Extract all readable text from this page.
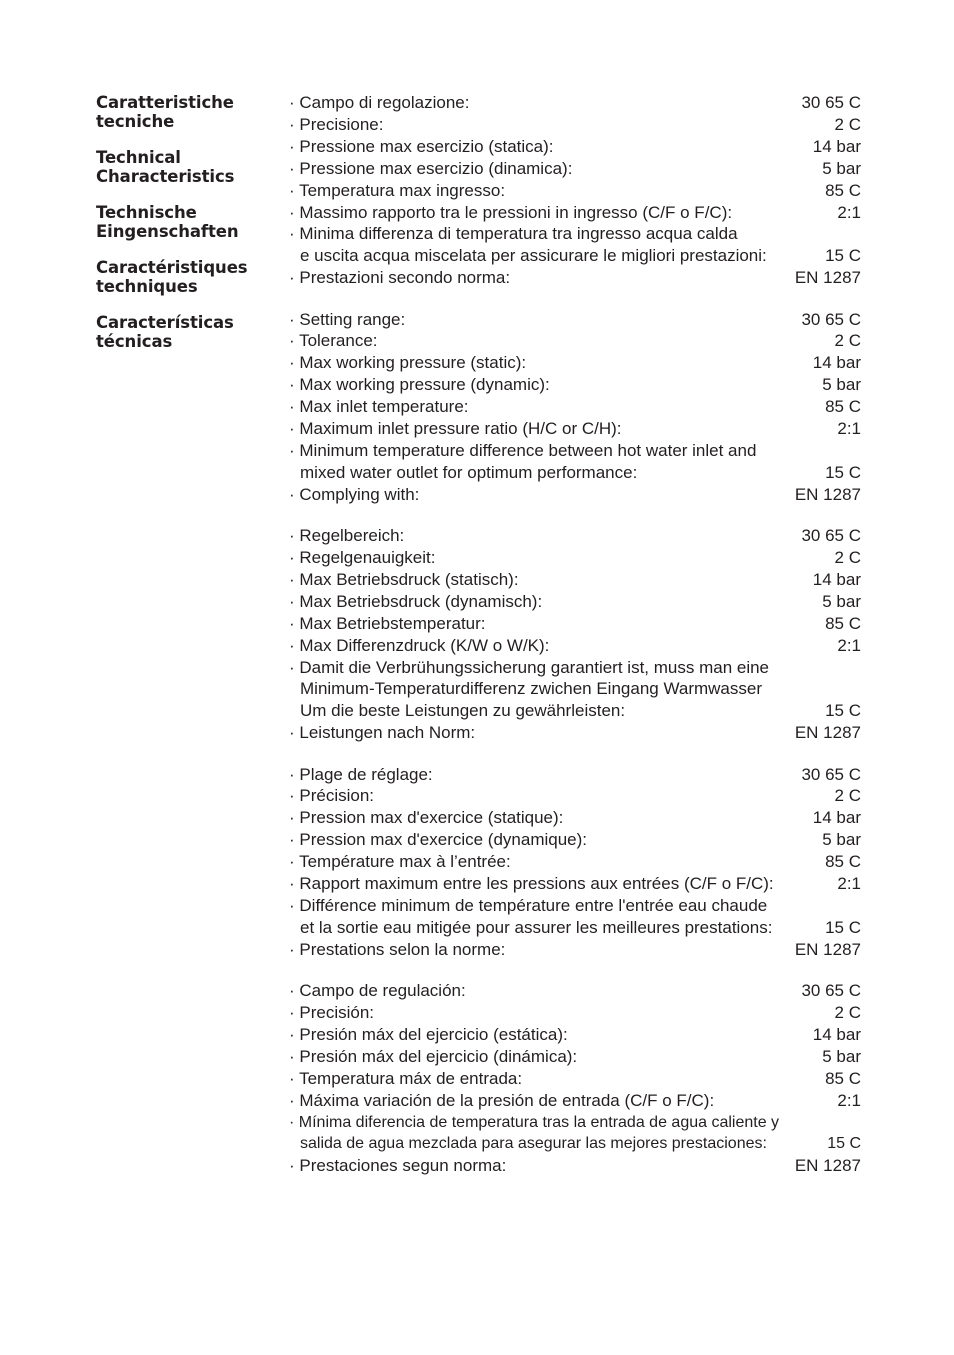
Caratteristiche
tecniche
Technical
Characteristics
Technische
Eingenschaften
Caractéristiques
techniques
Características
técnicas
· Campo di regolazione:	30 65 C
· Precisione:	2 C
· Pressione max esercizio (statica):	14 bar
· Pressione max esercizio (dinamica):	5 bar
· Temperatura max ingresso:	85 C
· Massimo rapporto tra le pressioni in ingresso (C/F o F/C):	2:1
· Minima differenza di temperatura tra ingresso acqua calda
e uscita acqua miscelata per assicurare le migliori prestazioni:	15 C
· Prestazioni secondo norma:	EN 1287
· Setting range:	30 65 C
· Tolerance:	2 C
· Max working pressure (static):	14 bar
· Max working pressure (dynamic):	5 bar
· Max inlet temperature:	85 C
· Maximum inlet pressure ratio (H/C or C/H):	2:1
· Minimum temperature difference between hot water inlet and
mixed water outlet for optimum performance:	15 C
· Complying with:	EN 1287
· Regelbereich:	30 65 C
· Regelgenauigkeit:	2 C
· Max Betriebsdruck (statisch):	14 bar
· Max Betriebsdruck (dynamisch):	5 bar
· Max Betriebstemperatur:	85 C
· Max Differenzdruck (K/W o W/K):	2:1
· Damit die Verbrühungssicherung garantiert ist, muss man eine
Minimum-Temperaturdifferenz zwichen Eingang Warmwasser
Um die beste Leistungen zu gewährleisten:	15 C
· Leistungen nach Norm:	EN 1287
· Plage de réglage:	30 65 C
· Précision:	2 C
· Pression max d'exercice (statique):	14 bar
· Pression max d'exercice (dynamique):	5 bar
· Température max à l’entrée:	85 C
· Rapport maximum entre les pressions aux entrées (C/F o F/C):	2:1
· Différence minimum de température entre l'entrée eau chaude
et la sortie eau mitigée pour assurer les meilleures prestations:	15 C
· Prestations selon la norme:	EN 1287
· Campo de regulación:	30 65 C
· Precisión:	2 C
· Presión máx del ejercicio (estática):	14 bar
· Presión máx del ejercicio (dinámica):	5 bar
· Temperatura máx de entrada:	85 C
· Máxima variación de la presión de entrada (C/F o F/C):	2:1
· Mínima diferencia de temperatura tras la entrada de agua caliente y
salida de agua mezclada para asegurar las mejores prestaciones:	15 C
· Prestaciones segun norma:	EN 1287
